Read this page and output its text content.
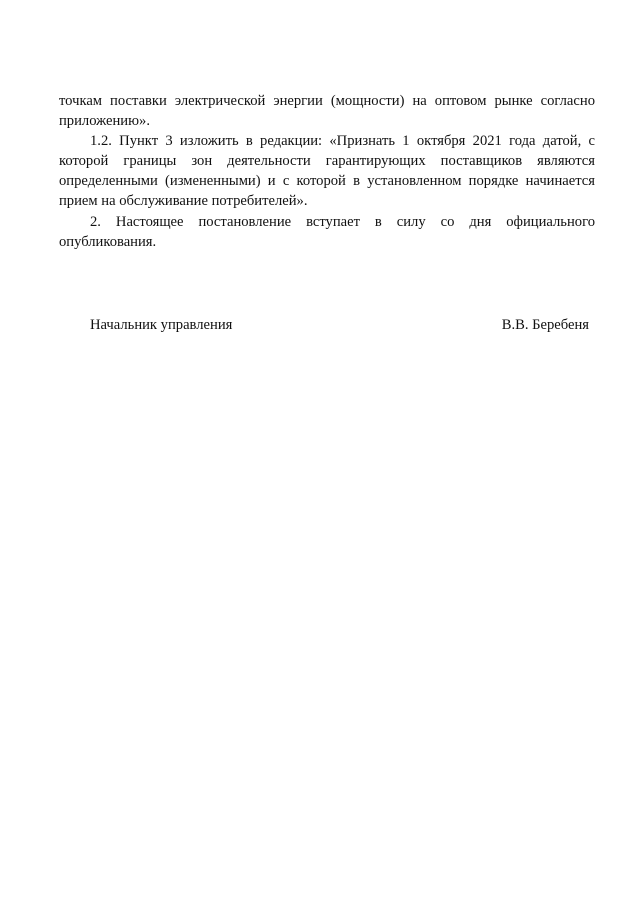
точкам поставки электрической энергии (мощности) на оптовом рынке согласно приложению».

1.2. Пункт 3 изложить в редакции: «Признать 1 октября 2021 года датой, с которой границы зон деятельности гарантирующих поставщиков являются определенными (измененными) и с которой в установленном порядке начинается прием на обслуживание потребителей».

2. Настоящее постановление вступает в силу со дня официального опубликования.

Начальник управления	В.В. Беребеня
